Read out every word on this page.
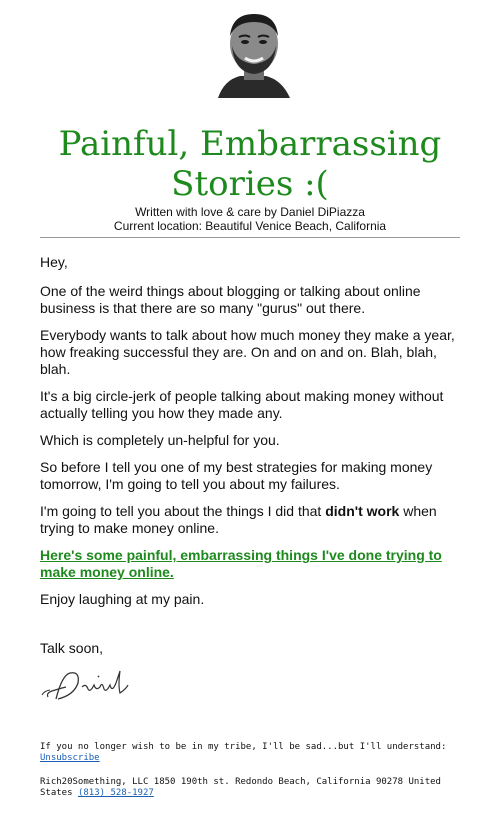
Painful, Embarrassing Stories :(
Written with love & care by Daniel DiPiazza
Current location: Beautiful Venice Beach, California

Hey,

One of the weird things about blogging or talking about online business is that there are so many "gurus" out there.

Everybody wants to talk about how much money they make a year, how freaking successful they are. On and on and on. Blah, blah, blah.

It's a big circle-jerk of people talking about making money without actually telling you how they made any.

Which is completely un-helpful for you.

So before I tell you one of my best strategies for making money tomorrow, I'm going to tell you about my failures.

I'm going to tell you about the things I did that didn't work when trying to make money online.

Here's some painful, embarrassing things I've done trying to make money online.

Enjoy laughing at my pain.

Talk soon,

If you no longer wish to be in my tribe, I'll be sad...but I'll understand:

Unsubscribe

Rich20Something, LLC 1850 190th st. Redondo Beach, California 90278 United States (813) 528-1927
